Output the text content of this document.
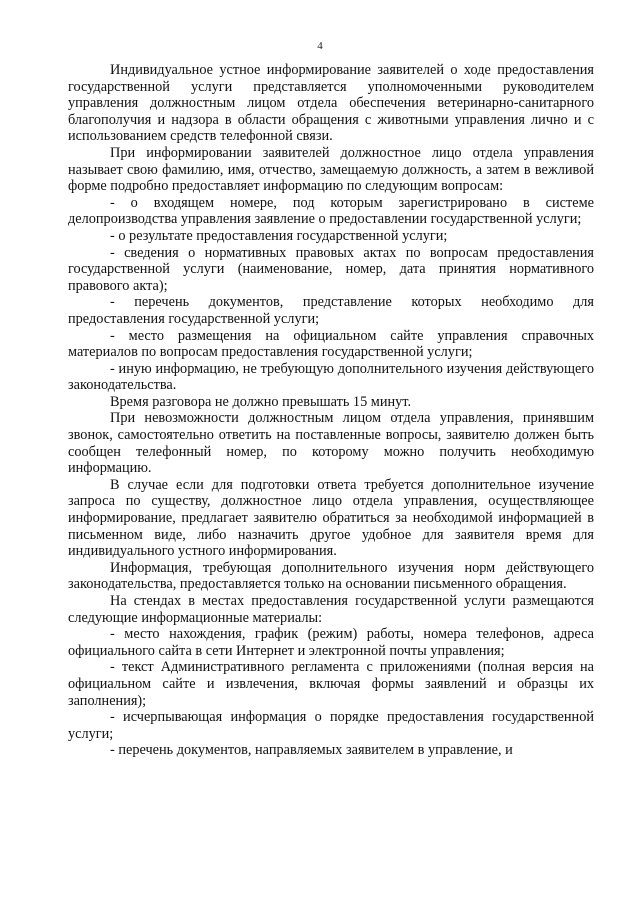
4

Индивидуальное устное информирование заявителей о ходе предоставления государственной услуги представляется уполномоченными руководителем управления должностным лицом отдела обеспечения ветеринарно-санитарного благополучия и надзора в области обращения с животными управления лично и с использованием средств телефонной связи.

При информировании заявителей должностное лицо отдела управления называет свою фамилию, имя, отчество, замещаемую должность, а затем в вежливой форме подробно предоставляет информацию по следующим вопросам:

- о входящем номере, под которым зарегистрировано в системе делопроизводства управления заявление о предоставлении государственной услуги;

- о результате предоставления государственной услуги;

- сведения о нормативных правовых актах по вопросам предоставления государственной услуги (наименование, номер, дата принятия нормативного правового акта);

- перечень документов, представление которых необходимо для предоставления государственной услуги;

- место размещения на официальном сайте управления справочных материалов по вопросам предоставления государственной услуги;

- иную информацию, не требующую дополнительного изучения действующего законодательства.

Время разговора не должно превышать 15 минут.

При невозможности должностным лицом отдела управления, принявшим звонок, самостоятельно ответить на поставленные вопросы, заявителю должен быть сообщен телефонный номер, по которому можно получить необходимую информацию.

В случае если для подготовки ответа требуется дополнительное изучение запроса по существу, должностное лицо отдела управления, осуществляющее информирование, предлагает заявителю обратиться за необходимой информацией в письменном виде, либо назначить другое удобное для заявителя время для индивидуального устного информирования.

Информация, требующая дополнительного изучения норм действующего законодательства, предоставляется только на основании письменного обращения.

На стендах в местах предоставления государственной услуги размещаются следующие информационные материалы:

- место нахождения, график (режим) работы, номера телефонов, адреса официального сайта в сети Интернет и электронной почты управления;

- текст Административного регламента с приложениями (полная версия на официальном сайте и извлечения, включая формы заявлений и образцы их заполнения);

- исчерпывающая информация о порядке предоставления государственной услуги;

- перечень документов, направляемых заявителем в управление, и
